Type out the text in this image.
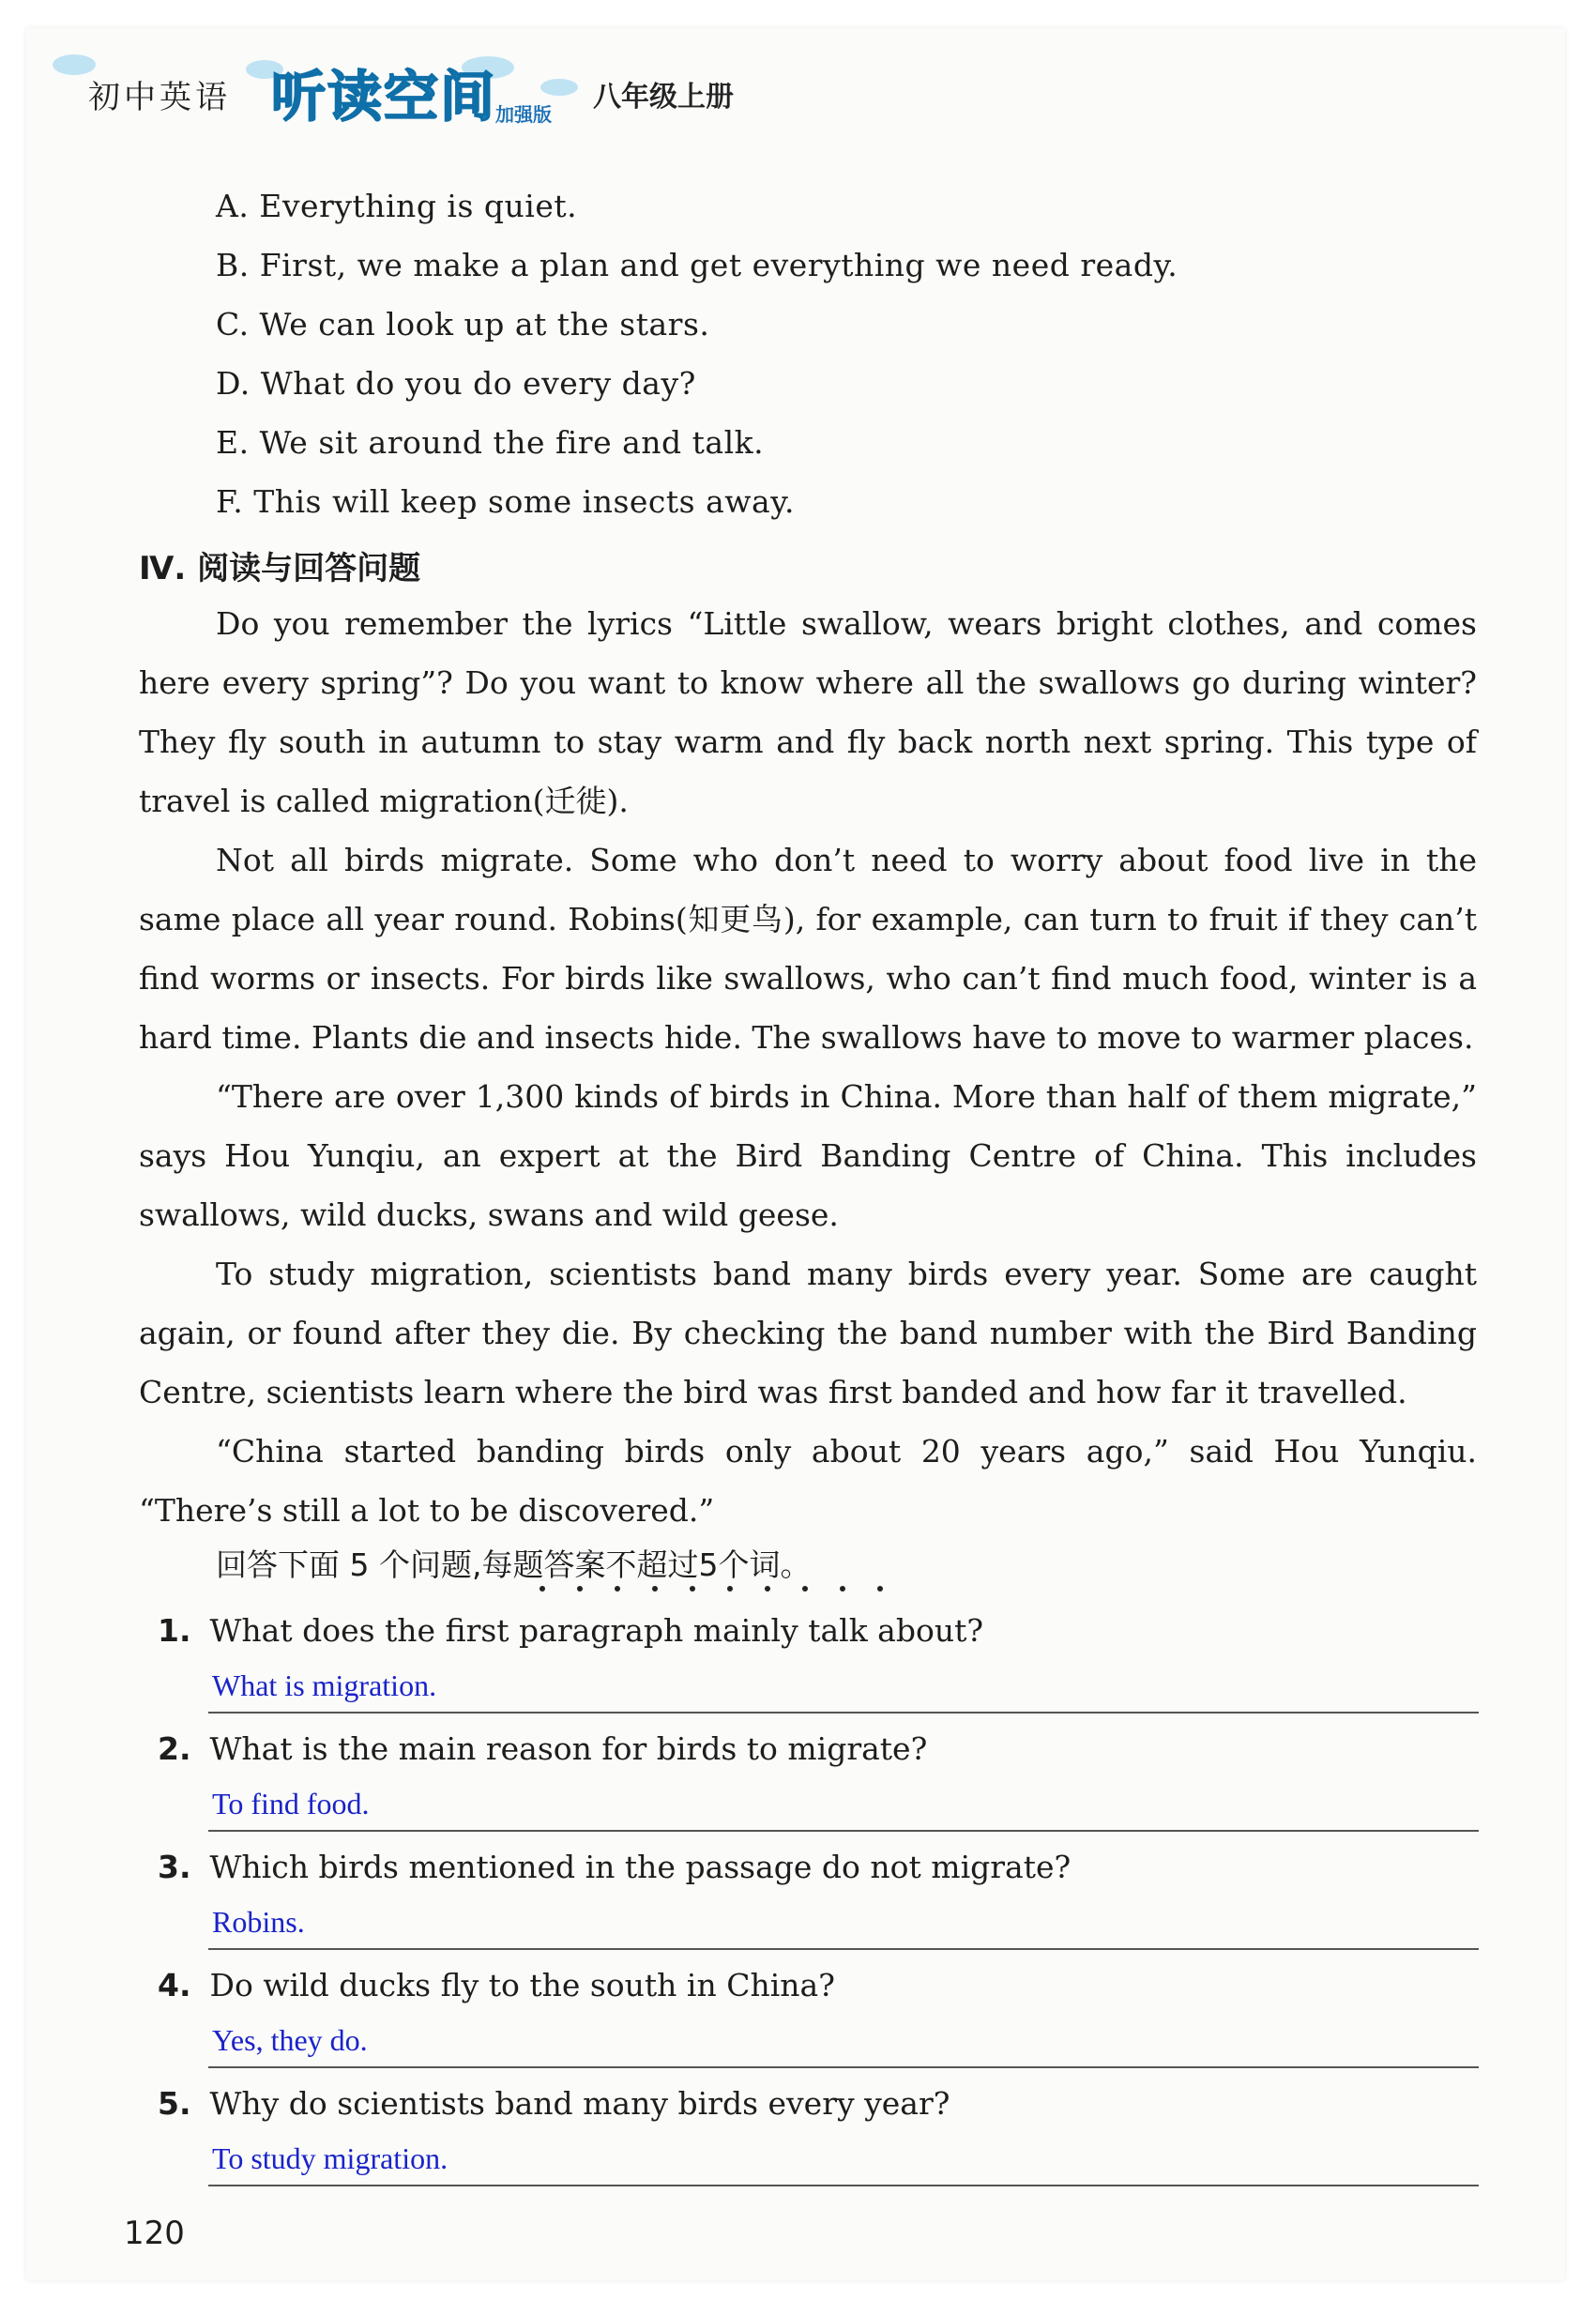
初中英语 听读空间
加强版
八年级上册
A. Everything is quiet.
B. First, we make a plan and get everything we need ready.
C. We can look up at the stars.
D. What do you do every day?
E. We sit around the fire and talk.
F. This will keep some insects away.
Ⅳ. 阅读与回答问题

Do you remember the lyrics “Little swallow, wears bright clothes, and comes here every spring”? Do you want to know where all the swallows go during winter? They fly south in autumn to stay warm and fly back north next spring. This type of travel is called migration(迁徙).

Not all birds migrate. Some who don’t need to worry about food live in the same place all year round. Robins(知更鸟), for example, can turn to fruit if they can’t find worms or insects. For birds like swallows, who can’t find much food, winter is a hard time. Plants die and insects hide. The swallows have to move to warmer places.

“There are over 1,300 kinds of birds in China. More than half of them migrate,” says Hou Yunqiu, an expert at the Bird Banding Centre of China. This includes swallows, wild ducks, swans and wild geese.

To study migration, scientists band many birds every year. Some are caught again, or found after they die. By checking the band number with the Bird Banding Centre, scientists learn where the bird was first banded and how far it travelled.

“China started banding birds only about 20 years ago,” said Hou Yunqiu. “There’s still a lot to be discovered.”

回答下面 5 个问题,每题答案不超过5个词。
1. What does the first paragraph mainly talk about?
What is migration.
2. What is the main reason for birds to migrate?
To find food.
3. Which birds mentioned in the passage do not migrate?
Robins.
4. Do wild ducks fly to the south in China?
Yes, they do.
5. Why do scientists band many birds every year?
To study migration.
120
